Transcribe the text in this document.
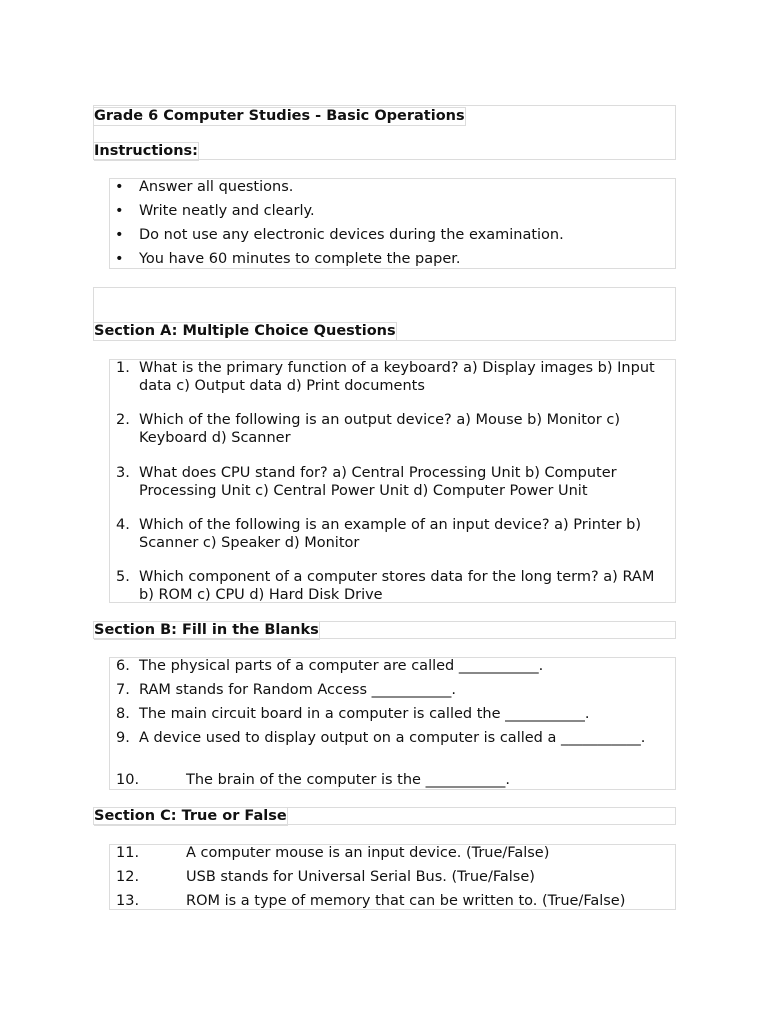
Grade 6 Computer Studies - Basic Operations
Instructions:
• Answer all questions.
• Write neatly and clearly.
• Do not use any electronic devices during the examination.
• You have 60 minutes to complete the paper.
Section A: Multiple Choice Questions
1. What is the primary function of a keyboard? a) Display images b) Input data c) Output data d) Print documents
2. Which of the following is an output device? a) Mouse b) Monitor c) Keyboard d) Scanner
3. What does CPU stand for? a) Central Processing Unit b) Computer Processing Unit c) Central Power Unit d) Computer Power Unit
4. Which of the following is an example of an input device? a) Printer b) Scanner c) Speaker d) Monitor
5. Which component of a computer stores data for the long term? a) RAM b) ROM c) CPU d) Hard Disk Drive
Section B: Fill in the Blanks
6. The physical parts of a computer are called ___________.
7. RAM stands for Random Access ___________.
8. The main circuit board in a computer is called the ___________.
9. A device used to display output on a computer is called a ___________.
10.	The brain of the computer is the ___________.
Section C: True or False
11.	A computer mouse is an input device. (True/False)
12.	USB stands for Universal Serial Bus. (True/False)
13.	ROM is a type of memory that can be written to. (True/False)
